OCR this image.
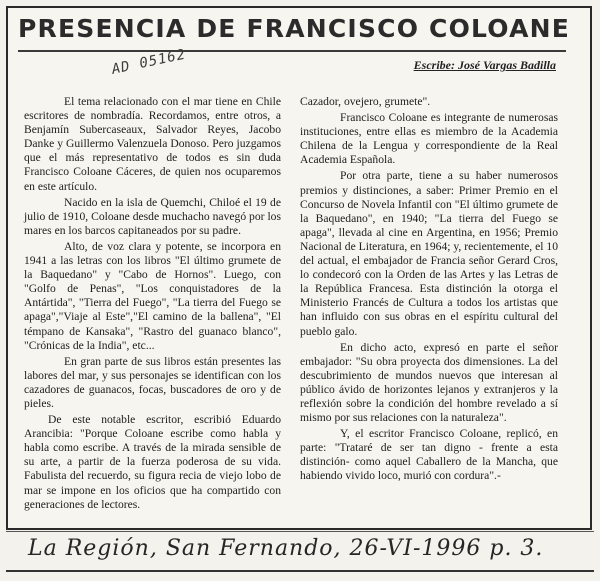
PRESENCIA DE FRANCISCO COLOANE
Escribe: José Vargas Badilla
AD 05162

El tema relacionado con el mar tiene en Chile escritores de nombradía. Recordamos, entre otros, a Benjamín Subercaseaux, Salvador Reyes, Jacobo Danke y Guillermo Valenzuela Donoso. Pero juzgamos que el más representativo de todos es sin duda Francisco Coloane Cáceres, de quien nos ocuparemos en este artículo.

Nacido en la isla de Quemchi, Chiloé el 19 de julio de 1910, Coloane desde muchacho navegó por los mares en los barcos capitaneados por su padre.

Alto, de voz clara y potente, se incorpora en 1941 a las letras con los libros "El último grumete de la Baquedano" y "Cabo de Hornos". Luego, con "Golfo de Penas", "Los conquistadores de la Antártida", "Tierra del Fuego", "La tierra del Fuego se apaga","Viaje al Este","El camino de la ballena", "El témpano de Kansaka", "Rastro del guanaco blanco", "Crónicas de la India", etc...

En gran parte de sus libros están presentes las labores del mar, y sus personajes se identifican con los cazadores de guanacos, focas, buscadores de oro y de pieles.

De este notable escritor, escribió Eduardo Arancibia: "Porque Coloane escribe como habla y habla como escribe. A través de la mirada sensible de su arte, a partir de la fuerza poderosa de su vida. Fabulista del recuerdo, su figura recia de viejo lobo de mar se impone en los oficios que ha compartido con generaciones de lectores.

Cazador, ovejero, grumete".

Francisco Coloane es integrante de numerosas instituciones, entre ellas es miembro de la Academia Chilena de la Lengua y correspondiente de la Real Academia Española.

Por otra parte, tiene a su haber numerosos premios y distinciones, a saber: Primer Premio en el Concurso de Novela Infantil con "El último grumete de la Baquedano", en 1940; "La tierra del Fuego se apaga", llevada al cine en Argentina, en 1956; Premio Nacional de Literatura, en 1964; y, recientemente, el 10 del actual, el embajador de Francia señor Gerard Cros, lo condecoró con la Orden de las Artes y las Letras de la República Francesa. Esta distinción la otorga el Ministerio Francés de Cultura a todos los artistas que han influido con sus obras en el espíritu cultural del pueblo galo.

En dicho acto, expresó en parte el señor embajador: "Su obra proyecta dos dimensiones. La del descubrimiento de mundos nuevos que interesan al público ávido de horizontes lejanos y extranjeros y la reflexión sobre la condición del hombre revelado a sí mismo por sus relaciones con la naturaleza".

Y, el escritor Francisco Coloane, replicó, en parte: "Trataré de ser tan digno - frente a esta distinción- como aquel Caballero de la Mancha, que habiendo vivido loco, murió con cordura".-

La Región, San Fernando, 26-VI-1996 p. 3.
